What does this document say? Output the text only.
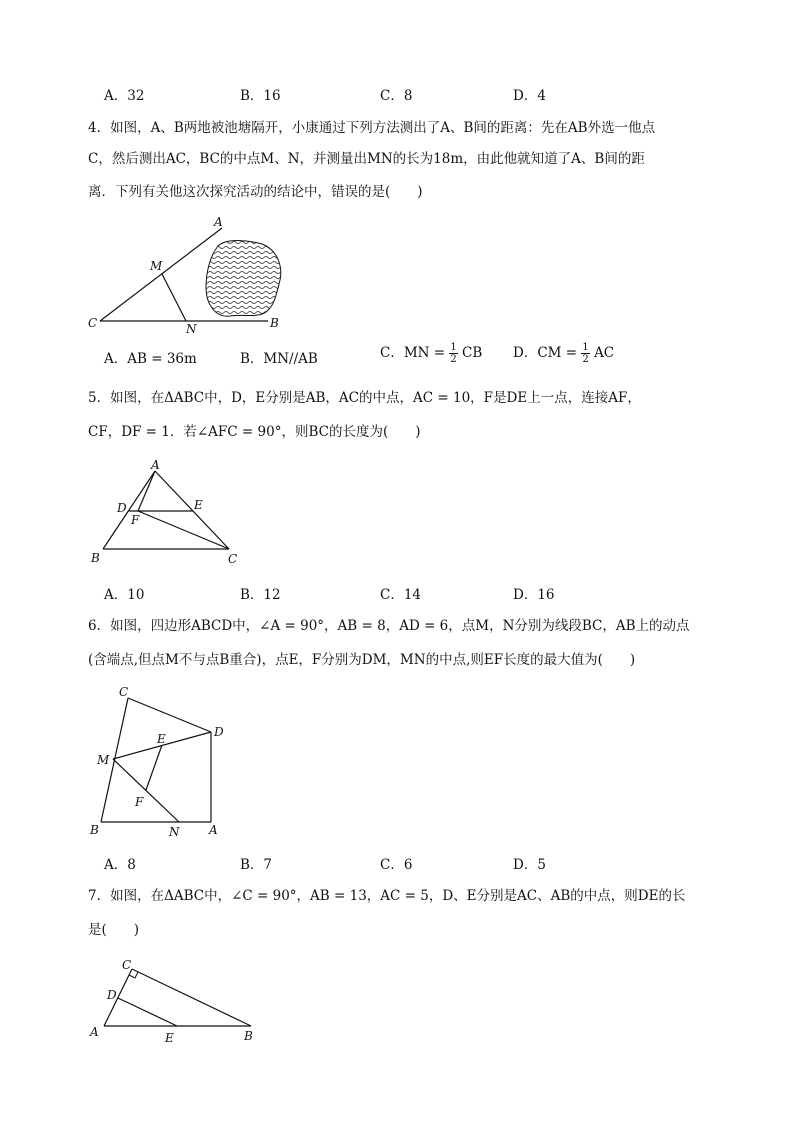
A．32	B．16	C．8	D．4
4．如图，A、B两地被池塘隔开，小康通过下列方法测出了A、B间的距离：先在AB外选一他点
C，然后测出AC，BC的中点M、N，并测量出MN的长为18m，由此他就知道了A、B间的距
离．下列有关他这次探究活动的结论中，错误的是(　　)
A
M
C	N	B
A
D	E
F
B	C
C
D
E
M
F
B	N A
C
D
A	E	B
A．AB = 36m	B．MN//AB	C．MN = $\frac{1}{2}$ CB D．CM = $\frac{1}{2}$ AC
5．如图，在ΔABC中，D，E分别是AB，AC的中点，AC = 10，F是DE上一点，连接AF，
CF，DF = 1．若∠AFC = 90°，则BC的长度为(　　)
A．10	B．12	C．14	D．16
6．如图，四边形ABCD中，∠A = 90°，AB = 8，AD = 6，点M，N分别为线段BC，AB上的动点
(含端点,但点M不与点B重合)，点E，F分别为DM，MN的中点,则EF长度的最大值为(　　)
A．8	B．7	C．6	D．5
7．如图，在ΔABC中，∠C = 90°，AB = 13，AC = 5，D、E分别是AC、AB的中点，则DE的长
是(　　)
